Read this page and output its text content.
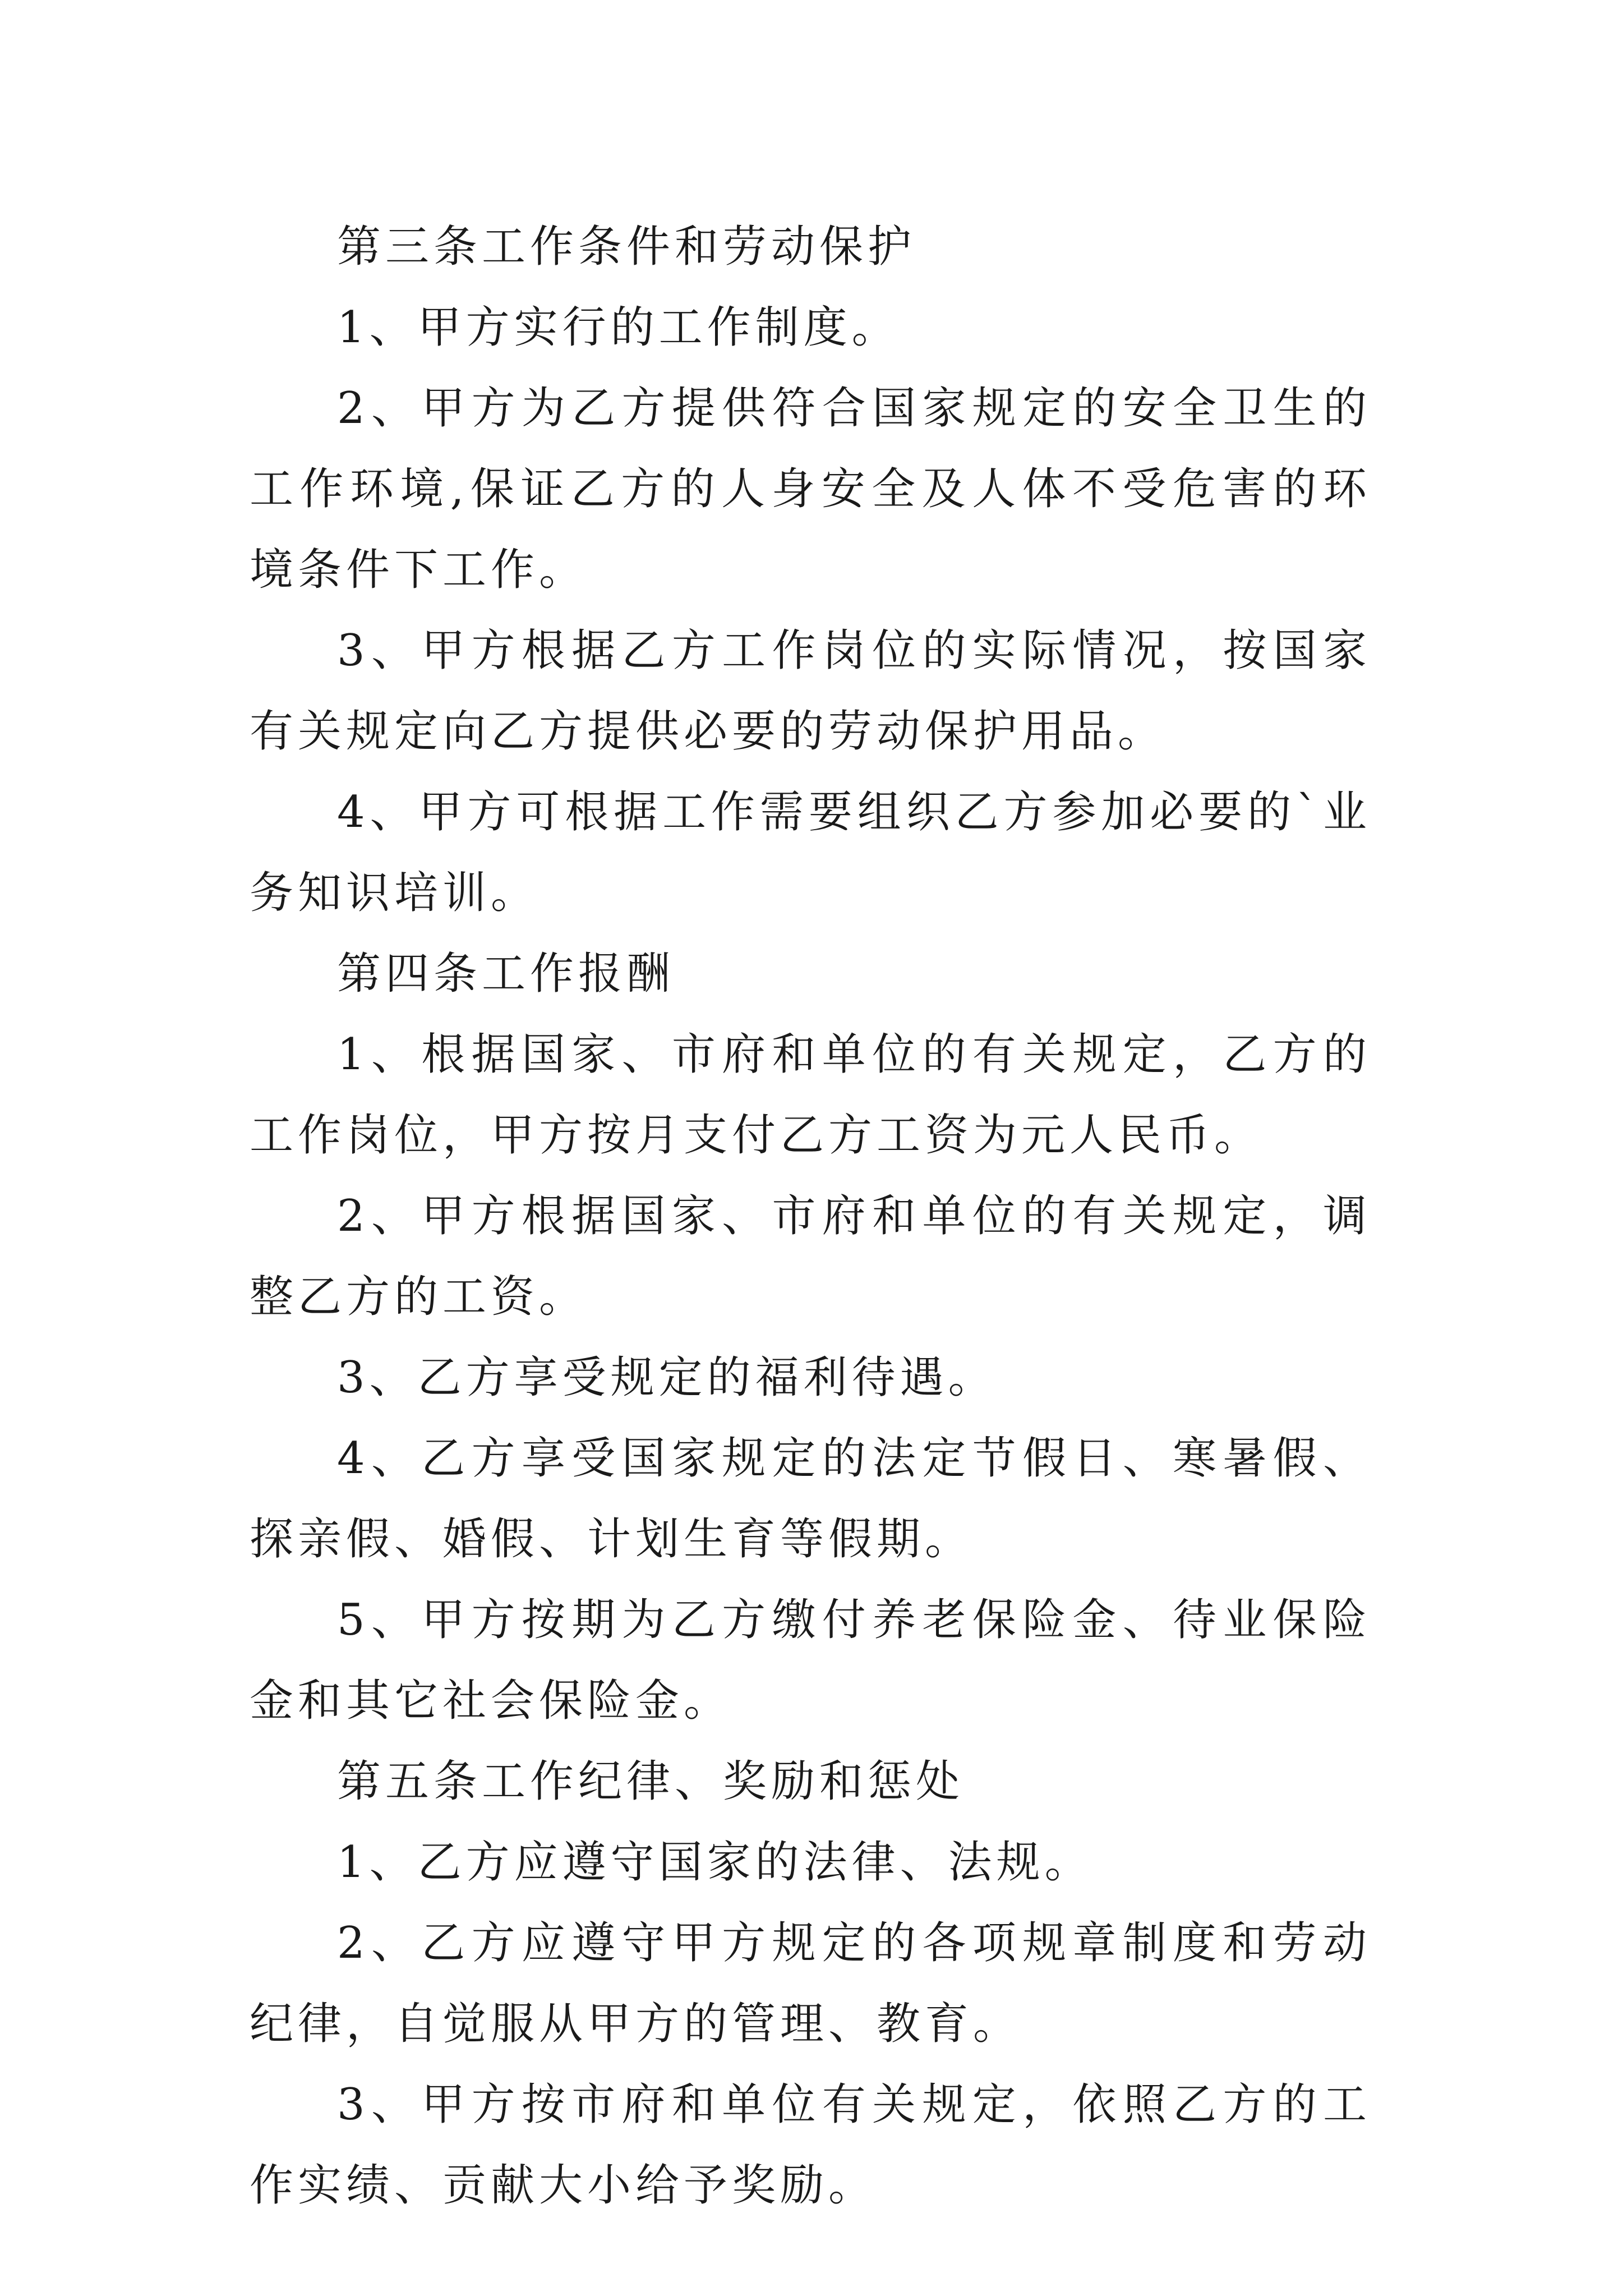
第三条工作条件和劳动保护

1、甲方实行的工作制度。

2、甲方为乙方提供符合国家规定的安全卫生的工作环境,保证乙方的人身安全及人体不受危害的环境条件下工作。

3、甲方根据乙方工作岗位的实际情况，按国家有关规定向乙方提供必要的劳动保护用品。

4、甲方可根据工作需要组织乙方参加必要的`业务知识培训。

第四条工作报酬

1、根据国家、市府和单位的有关规定，乙方的工作岗位，甲方按月支付乙方工资为元人民币。

2、甲方根据国家、市府和单位的有关规定，调整乙方的工资。

3、乙方享受规定的福利待遇。

4、乙方享受国家规定的法定节假日、寒暑假、探亲假、婚假、计划生育等假期。

5、甲方按期为乙方缴付养老保险金、待业保险金和其它社会保险金。

第五条工作纪律、奖励和惩处

1、乙方应遵守国家的法律、法规。

2、乙方应遵守甲方规定的各项规章制度和劳动纪律，自觉服从甲方的管理、教育。

3、甲方按市府和单位有关规定，依照乙方的工作实绩、贡献大小给予奖励。
